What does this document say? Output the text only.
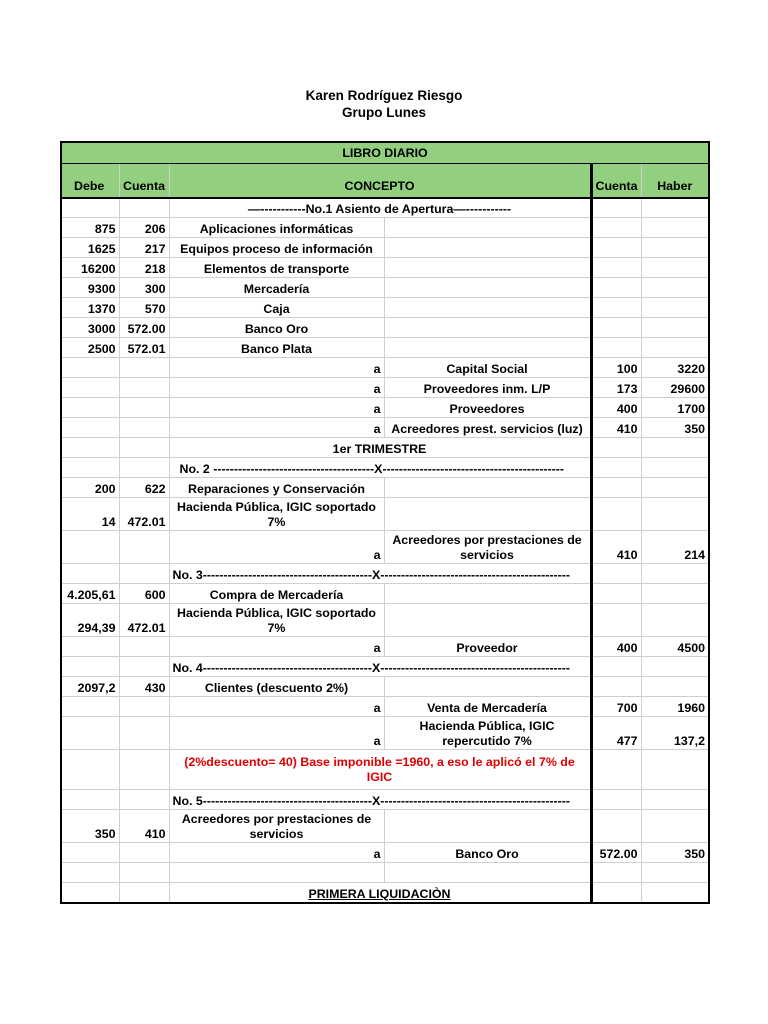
Karen Rodríguez Riesgo
Grupo Lunes
LIBRO DIARIO					
Debe	Cuenta	CONCEPTO		Cuenta	Haber
		—-----------No.1 Asiento de Apertura—-----------			
875	206	Aplicaciones informáticas			
1625	217	Equipos proceso de información			
16200	218	Elementos de transporte			
9300	300	Mercadería			
1370	570	Caja			
3000	572.00	Banco Oro			
2500	572.01	Banco Plata			
		a	Capital Social	100	3220
		a	Proveedores inm. L/P	173	29600
		a	Proveedores	400	1700
		a	Acreedores prest. servicios (luz)	410	350
		1er TRIMESTRE			
		No. 2 ---------------------------------------X--------------------------------------------			
200	622	Reparaciones y Conservación			
14	472.01	Hacienda Pública, IGIC soportado 7%			
		a	Acreedores por prestaciones de servicios	410	214
		No. 3-----------------------------------------X----------------------------------------------			
4.205,61	600	Compra de Mercadería			
294,39	472.01	Hacienda Pública, IGIC soportado 7%			
		a	Proveedor	400	4500
		No. 4-----------------------------------------X----------------------------------------------			
2097,2	430	Clientes (descuento 2%)			
		a	Venta de Mercadería	700	1960
		a	Hacienda Pública, IGIC repercutido 7%	477	137,2
		(2%descuento= 40) Base imponible =1960, a eso le aplicó el 7% de IGIC			
		No. 5-----------------------------------------X----------------------------------------------			
350	410	Acreedores por prestaciones de servicios			
		a	Banco Oro	572.00	350

		PRIMERA LIQUIDACIÒN			
